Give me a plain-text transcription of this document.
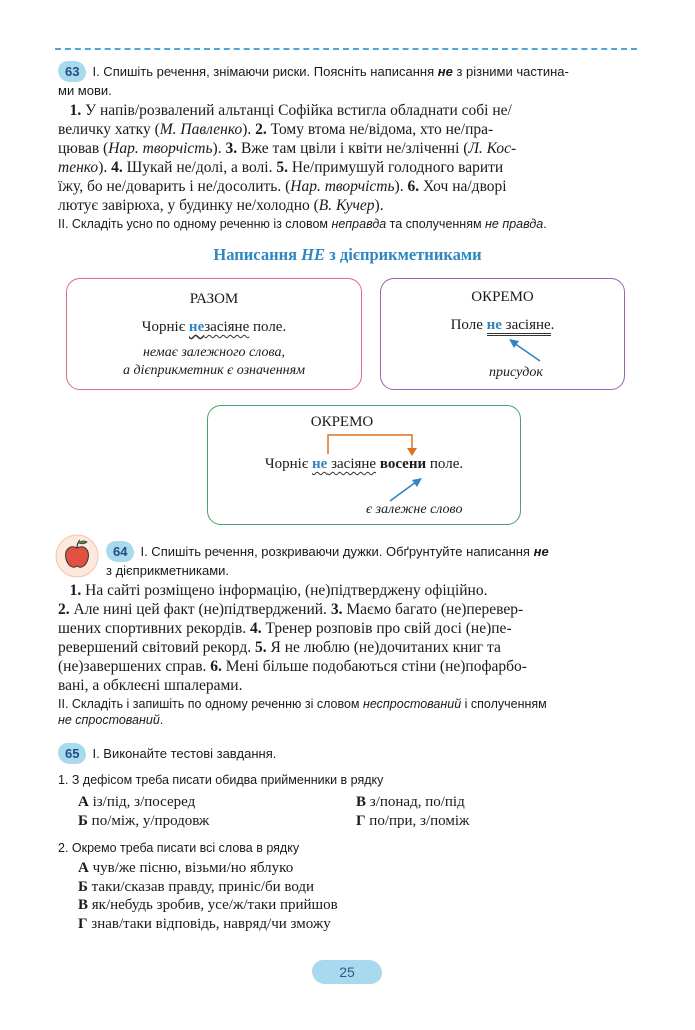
63 I. Спишіть речення, знімаючи риски. Поясніть написання не з різними частина-
ми мови.

1. У напів/розвалений альтанці Софійка встигла обладнати собі не/

величку хатку (М. Павленко). 2. Тому втома не/відома, хто не/пра-

цював (Нар. творчість). 3. Вже там цвіли і квіти не/зліченні (Л. Кос-

тенко). 4. Шукай не/долі, а волі. 5. Не/примушуй голодного варити

їжу, бо не/доварить і не/досолить. (Нар. творчість). 6. Хоч на/дворі

лютує завірюха, у будинку не/холодно (В. Кучер).

II. Складіть усно по одному реченню із словом неправда та сполученням не правда.
Написання НЕ з дієприкметниками
РАЗОМ
Чорніє незасіяне поле.
немає залежного слова,
а дієприкметник є означенням
ОКРЕМО
Поле не засіяне.
присудок
ОКРЕМО
Чорніє не засіяне восени поле.
є залежне слово
64 I. Спишіть речення, розкриваючи дужки. Обґрунтуйте написання не
з дієприкметниками.

1. На сайті розміщено інформацію, (не)підтверджену офіційно.

2. Але нині цей факт (не)підтверджений. 3. Маємо багато (не)перевер-

шених спортивних рекордів. 4. Тренер розповів про свій досі (не)пе-

ревершений світовий рекорд. 5. Я не люблю (не)дочитаних книг та

(не)завершених справ. 6. Мені більше подобаються стіни (не)пофарбо-

вані, а обклеєні шпалерами.

II. Складіть і запишіть по одному реченню зі словом неспростований і сполученням
не спростований.
65 I. Виконайте тестові завдання.
1. З дефісом треба писати обидва прийменники в рядку
А із/під, з/посеред	В з/понад, по/під
Б по/між, у/продовж	Г по/при, з/поміж
2. Окремо треба писати всі слова в рядку
А чув/же пісню, візьми/но яблуко
Б таки/сказав правду, приніс/би води
В як/небудь зробив, усе/ж/таки прийшов
Г знав/таки відповідь, навряд/чи зможу
25
